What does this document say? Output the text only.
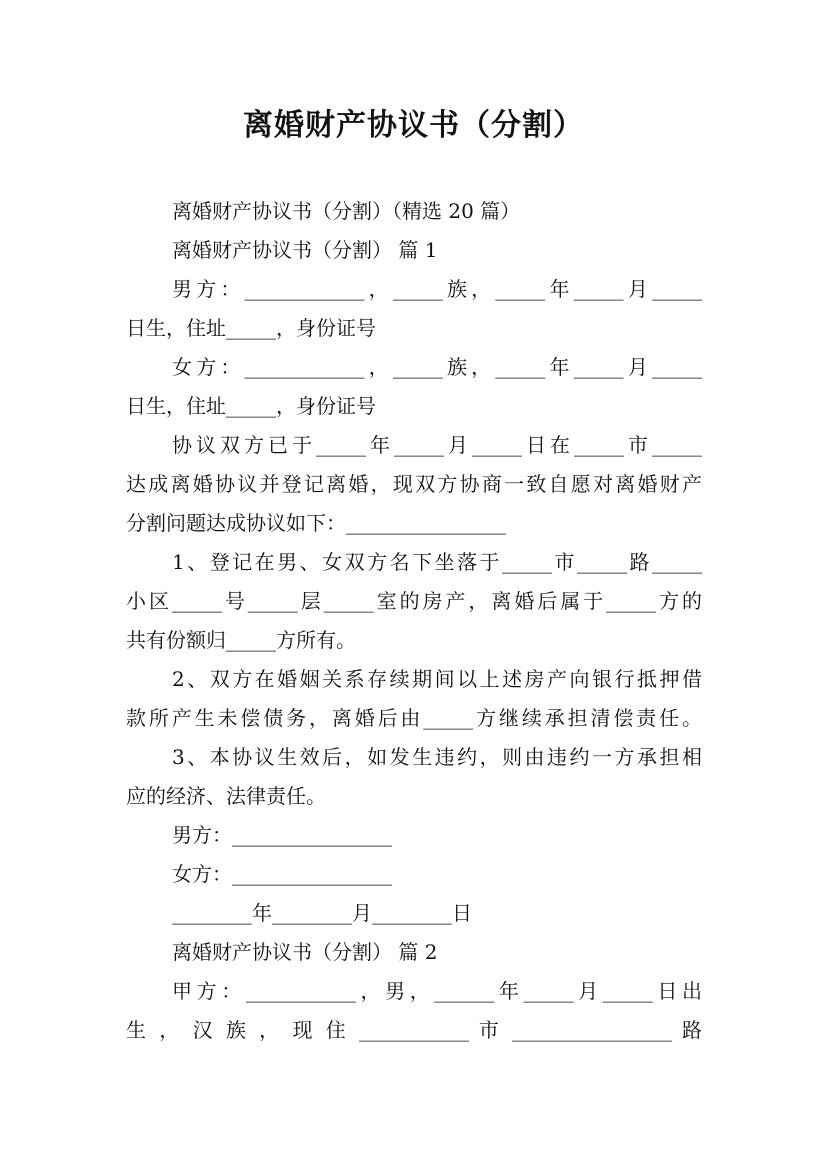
离婚财产协议书（分割）
离婚财产协议书（分割）（精选 20 篇）
离婚财产协议书（分割） 篇 1
男方：____________，_____族，_____年_____月_____
日生，住址_____，身份证号
女方：____________，_____族，_____年_____月_____
日生，住址_____，身份证号
协议双方已于_____年_____月_____日在_____市_____
达成离婚协议并登记离婚，现双方协商一致自愿对离婚财产
分割问题达成协议如下：________________
1、登记在男、女双方名下坐落于_____市_____路_____
小区_____号_____层_____室的房产，离婚后属于_____方的
共有份额归_____方所有。
2、双方在婚姻关系存续期间以上述房产向银行抵押借
款所产生未偿债务，离婚后由_____方继续承担清偿责任。
3、本协议生效后，如发生违约，则由违约一方承担相
应的经济、法律责任。
男方：________________
女方：________________
________年________月________日
离婚财产协议书（分割） 篇 2
甲方：___________，男，______年_____月_____日出
生 ， 汉 族 ， 现 住 ___________ 市 ________________ 路
